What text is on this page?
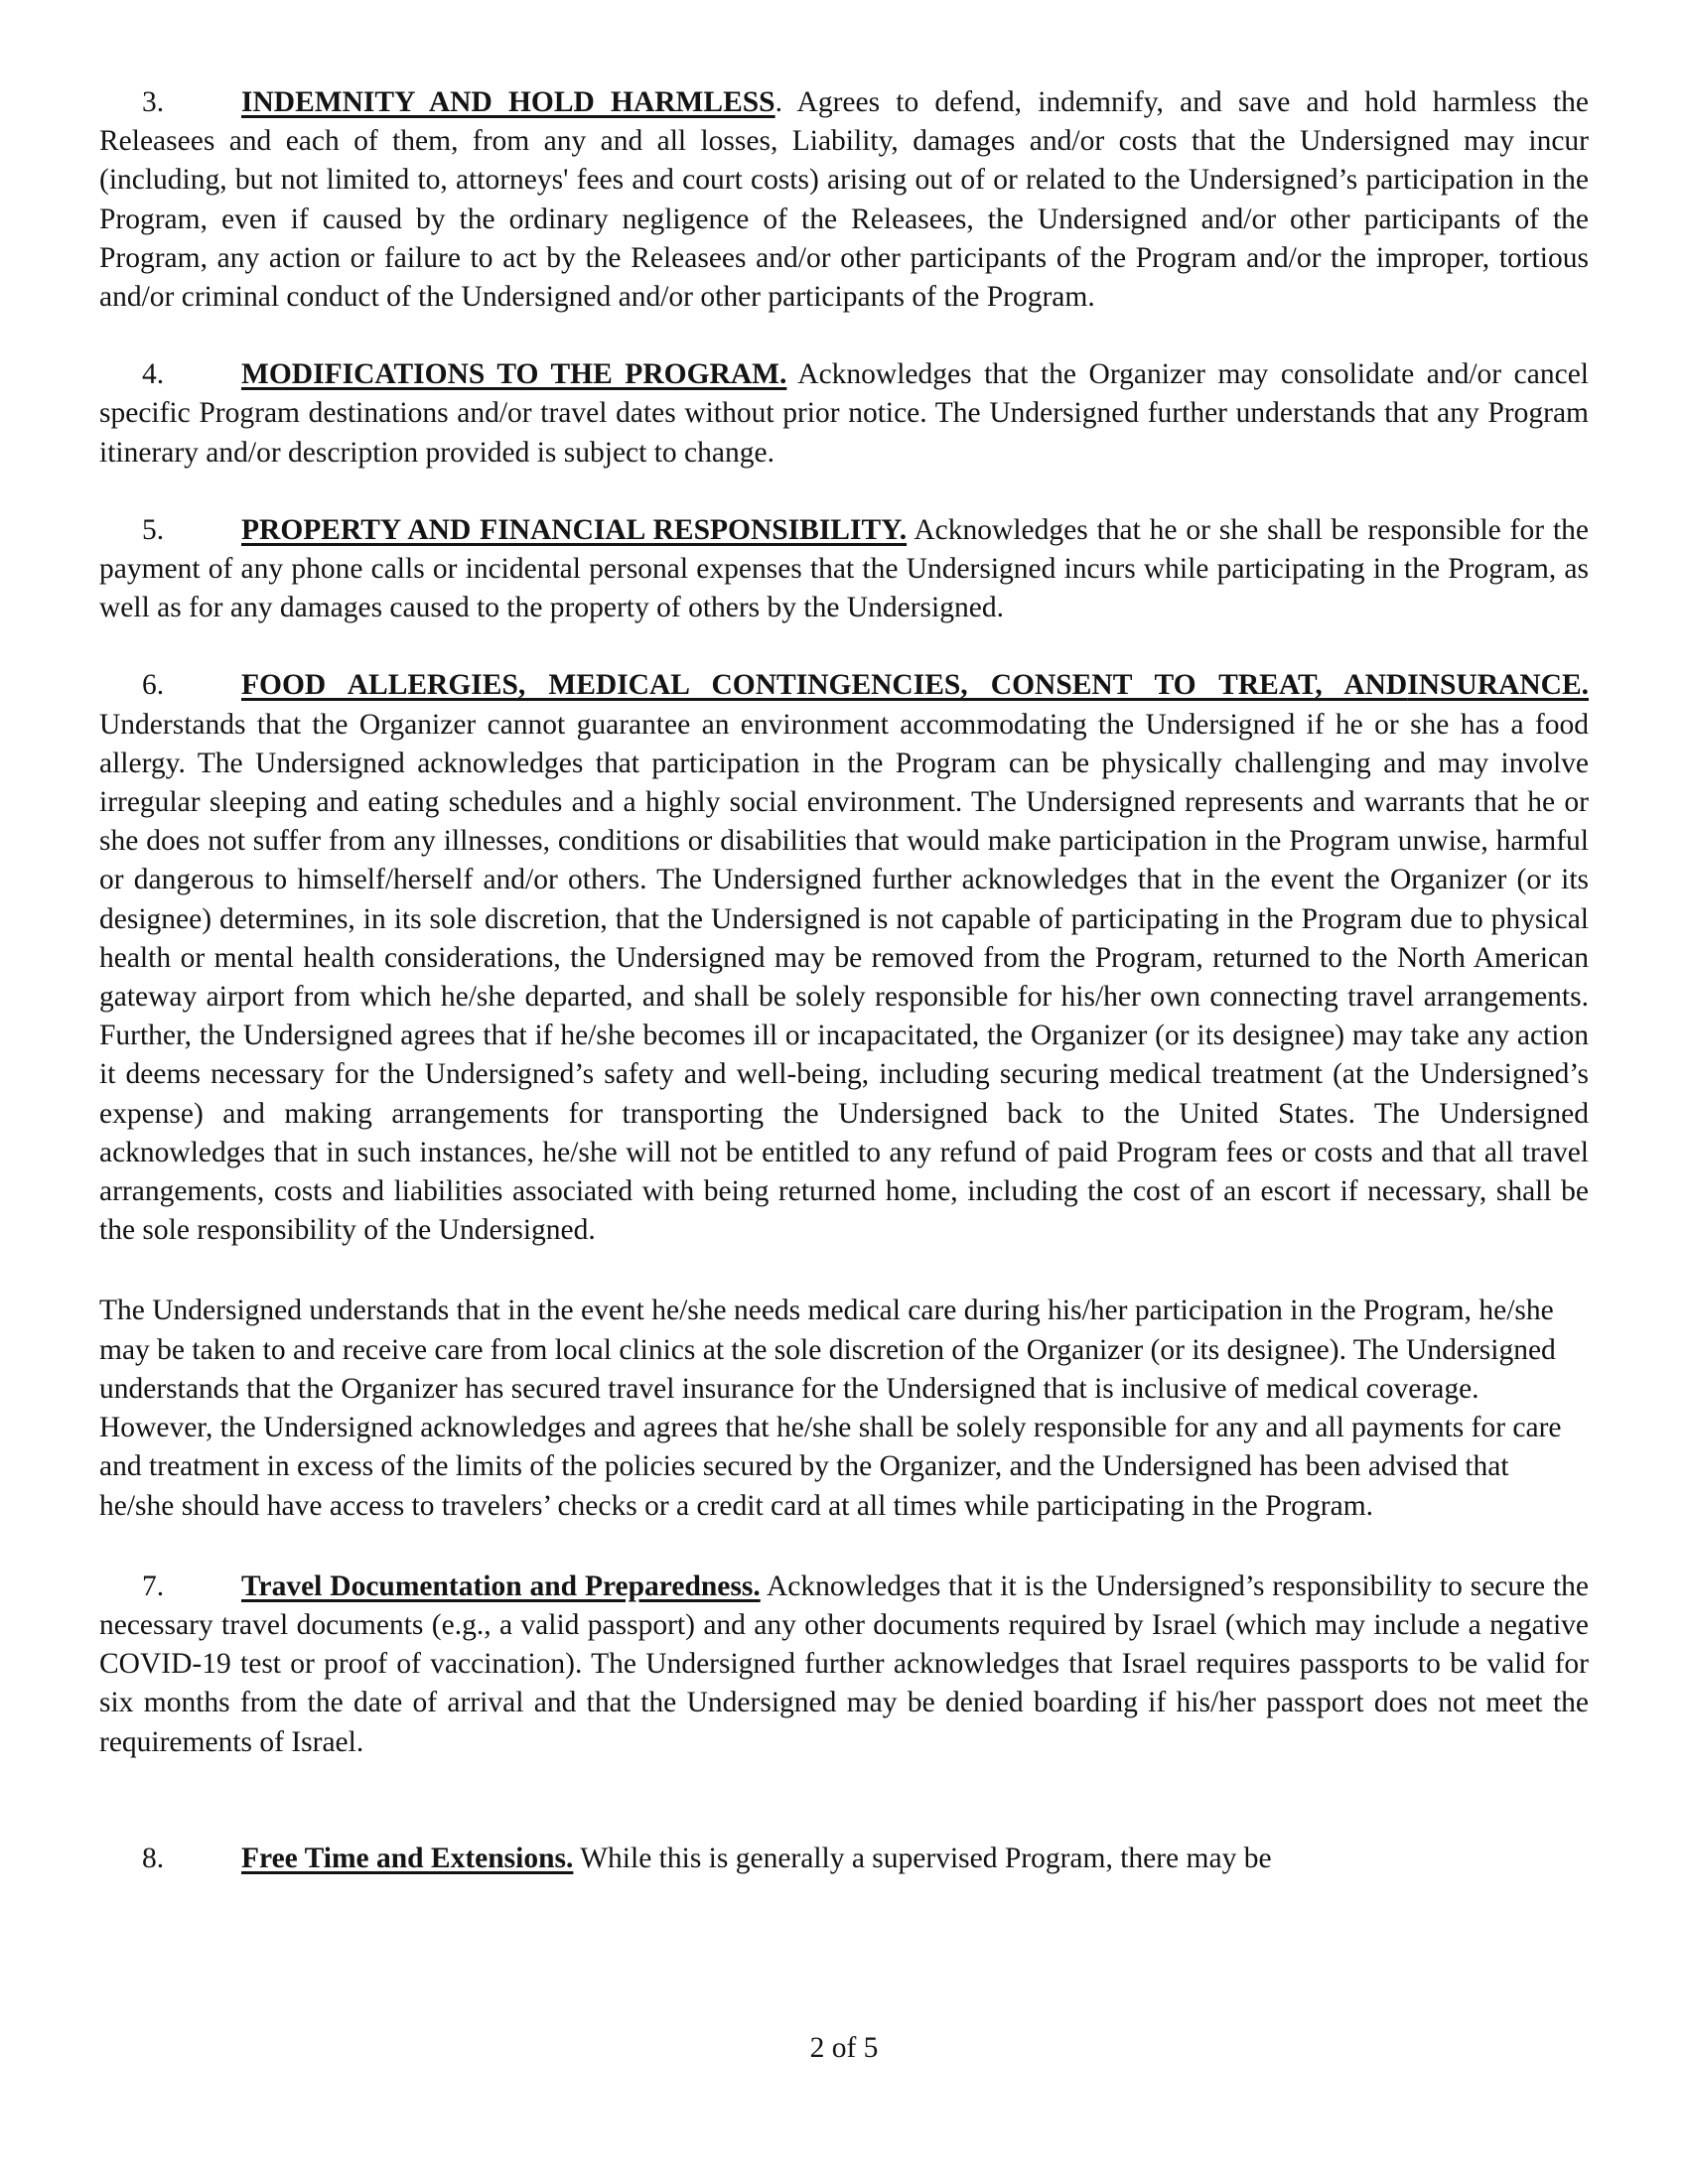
3.	INDEMNITY AND HOLD HARMLESS. Agrees to defend, indemnify, and save and hold harmless the Releasees and each of them, from any and all losses, Liability, damages and/or costs that the Undersigned may incur (including, but not limited to, attorneys' fees and court costs) arising out of or related to the Undersigned’s participation in the Program, even if caused by the ordinary negligence of the Releasees, the Undersigned and/or other participants of the Program, any action or failure to act by the Releasees and/or other participants of the Program and/or the improper, tortious and/or criminal conduct of the Undersigned and/or other participants of the Program.

4.	MODIFICATIONS TO THE PROGRAM. Acknowledges that the Organizer may consolidate and/or cancel specific Program destinations and/or travel dates without prior notice. The Undersigned further understands that any Program itinerary and/or description provided is subject to change.

5.	PROPERTY AND FINANCIAL RESPONSIBILITY. Acknowledges that he or she shall be responsible for the payment of any phone calls or incidental personal expenses that the Undersigned incurs while participating in the Program, as well as for any damages caused to the property of others by the Undersigned.

6.	FOOD ALLERGIES, MEDICAL CONTINGENCIES, CONSENT TO TREAT, ANDINSURANCE. Understands that the Organizer cannot guarantee an environment accommodating the Undersigned if he or she has a food allergy. The Undersigned acknowledges that participation in the Program can be physically challenging and may involve irregular sleeping and eating schedules and a highly social environment. The Undersigned represents and warrants that he or she does not suffer from any illnesses, conditions or disabilities that would make participation in the Program unwise, harmful or dangerous to himself/herself and/or others. The Undersigned further acknowledges that in the event the Organizer (or its designee) determines, in its sole discretion, that the Undersigned is not capable of participating in the Program due to physical health or mental health considerations, the Undersigned may be removed from the Program, returned to the North American gateway airport from which he/she departed, and shall be solely responsible for his/her own connecting travel arrangements. Further, the Undersigned agrees that if he/she becomes ill or incapacitated, the Organizer (or its designee) may take any action it deems necessary for the Undersigned’s safety and well-being, including securing medical treatment (at the Undersigned’s expense) and making arrangements for transporting the Undersigned back to the United States. The Undersigned acknowledges that in such instances, he/she will not be entitled to any refund of paid Program fees or costs and that all travel arrangements, costs and liabilities associated with being returned home, including the cost of an escort if necessary, shall be the sole responsibility of the Undersigned.

The Undersigned understands that in the event he/she needs medical care during his/her participation in the Program, he/she may be taken to and receive care from local clinics at the sole discretion of the Organizer (or its designee). The Undersigned understands that the Organizer has secured travel insurance for the Undersigned that is inclusive of medical coverage. However, the Undersigned acknowledges and agrees that he/she shall be solely responsible for any and all payments for care and treatment in excess of the limits of the policies secured by the Organizer, and the Undersigned has been advised that he/she should have access to travelers’ checks or a credit card at all times while participating in the Program.

7.	Travel Documentation and Preparedness. Acknowledges that it is the Undersigned’s responsibility to secure the necessary travel documents (e.g., a valid passport) and any other documents required by Israel (which may include a negative COVID-19 test or proof of vaccination). The Undersigned further acknowledges that Israel requires passports to be valid for six months from the date of arrival and that the Undersigned may be denied boarding if his/her passport does not meet the requirements of Israel.

8.	Free Time and Extensions. While this is generally a supervised Program, there may be

2 of 5
